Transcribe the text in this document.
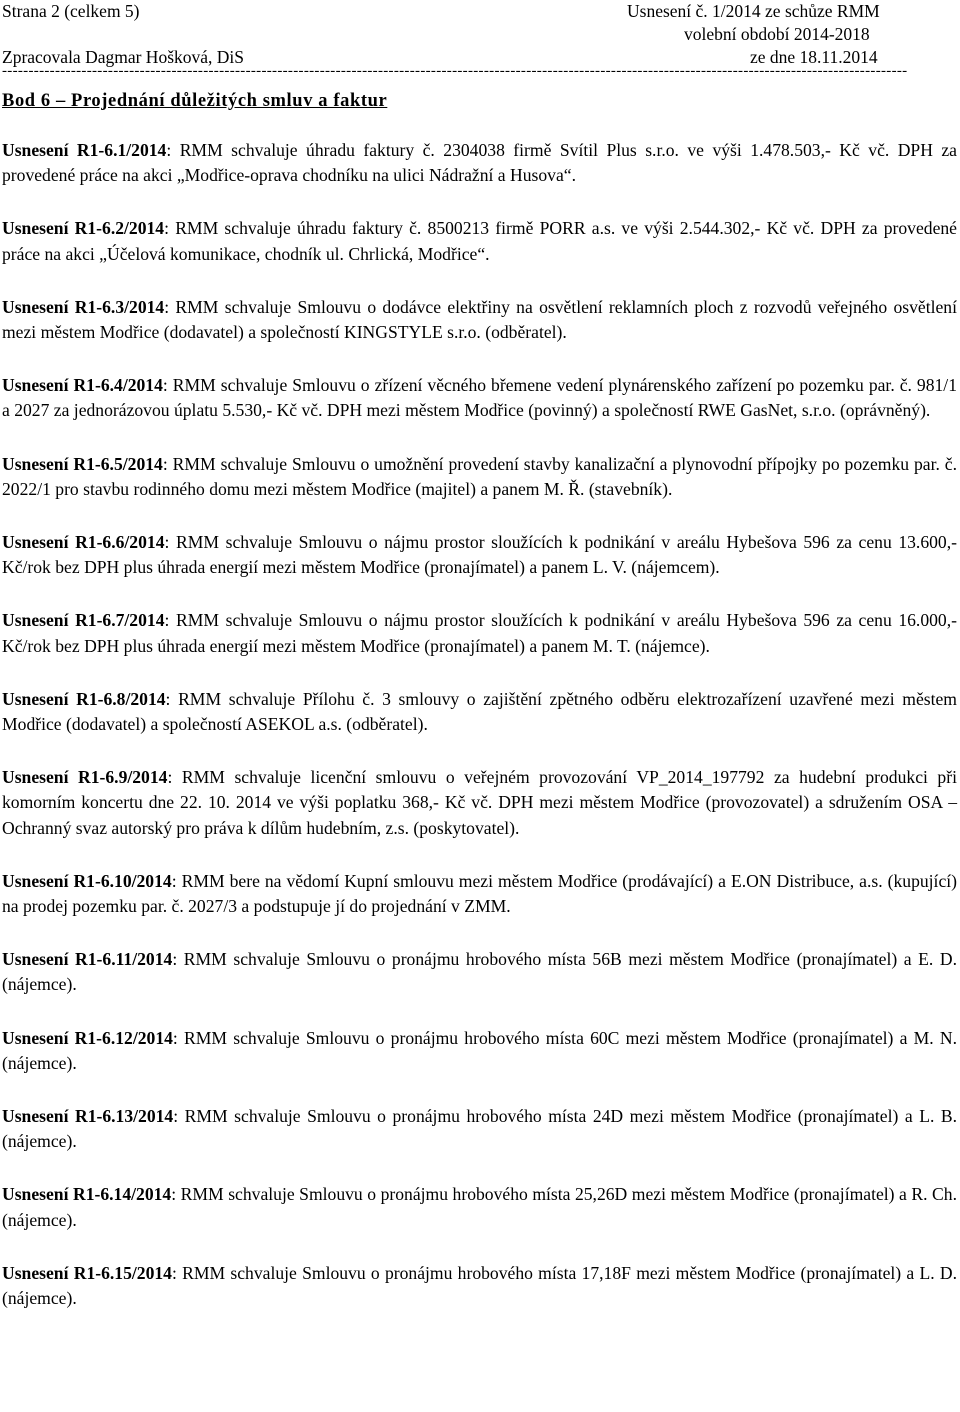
Strana 2 (celkem 5)	Usnesení č. 1/2014 ze schůze RMM
volební období 2014-2018
Zpracovala Dagmar Hošková, DiS	ze dne 18.11.2014
---------------------------------------------------------------------------------------------------------------------------------------------------------------------------
Bod 6 – Projednání důležitých smluv a faktur

Usnesení R1-6.1/2014: RMM schvaluje úhradu faktury č. 2304038 firmě Svítil Plus s.r.o. ve výši 1.478.503,- Kč vč. DPH za provedené práce na akci „Modřice-oprava chodníku na ulici Nádražní a Husova“.

Usnesení R1-6.2/2014: RMM schvaluje úhradu faktury č. 8500213 firmě PORR a.s. ve výši 2.544.302,- Kč vč. DPH za provedené práce na akci „Účelová komunikace, chodník ul. Chrlická, Modřice“.

Usnesení R1-6.3/2014: RMM schvaluje Smlouvu o dodávce elektřiny na osvětlení reklamních ploch z rozvodů veřejného osvětlení mezi městem Modřice (dodavatel) a společností KINGSTYLE s.r.o. (odběratel).

Usnesení R1-6.4/2014: RMM schvaluje Smlouvu o zřízení věcného břemene vedení plynárenského zařízení po pozemku par. č. 981/1 a 2027 za jednorázovou úplatu 5.530,- Kč vč. DPH mezi městem Modřice (povinný) a společností RWE GasNet, s.r.o. (oprávněný).

Usnesení R1-6.5/2014: RMM schvaluje Smlouvu o umožnění provedení stavby kanalizační a plynovodní přípojky po pozemku par. č. 2022/1 pro stavbu rodinného domu mezi městem Modřice (majitel) a panem M. Ř. (stavebník).

Usnesení R1-6.6/2014: RMM schvaluje Smlouvu o nájmu prostor sloužících k podnikání v areálu Hybešova 596 za cenu 13.600,- Kč/rok bez DPH plus úhrada energií mezi městem Modřice (pronajímatel) a panem L. V. (nájemcem).

Usnesení R1-6.7/2014: RMM schvaluje Smlouvu o nájmu prostor sloužících k podnikání v areálu Hybešova 596 za cenu 16.000,- Kč/rok bez DPH plus úhrada energií mezi městem Modřice (pronajímatel) a panem M. T. (nájemce).

Usnesení R1-6.8/2014: RMM schvaluje Přílohu č. 3 smlouvy o zajištění zpětného odběru elektrozařízení uzavřené mezi městem Modřice (dodavatel) a společností ASEKOL a.s. (odběratel).

Usnesení R1-6.9/2014: RMM schvaluje licenční smlouvu o veřejném provozování VP_2014_197792 za hudební produkci při komorním koncertu dne 22. 10. 2014 ve výši poplatku 368,- Kč vč. DPH mezi městem Modřice (provozovatel) a sdružením OSA – Ochranný svaz autorský pro práva k dílům hudebním, z.s. (poskytovatel).

Usnesení R1-6.10/2014: RMM bere na vědomí Kupní smlouvu mezi městem Modřice (prodávající) a E.ON Distribuce, a.s. (kupující) na prodej pozemku par. č. 2027/3 a podstupuje jí do projednání v ZMM.

Usnesení R1-6.11/2014: RMM schvaluje Smlouvu o pronájmu hrobového místa 56B mezi městem Modřice (pronajímatel) a E. D. (nájemce).

Usnesení R1-6.12/2014: RMM schvaluje Smlouvu o pronájmu hrobového místa 60C mezi městem Modřice (pronajímatel) a M. N. (nájemce).

Usnesení R1-6.13/2014: RMM schvaluje Smlouvu o pronájmu hrobového místa 24D mezi městem Modřice (pronajímatel) a L. B. (nájemce).

Usnesení R1-6.14/2014: RMM schvaluje Smlouvu o pronájmu hrobového místa 25,26D mezi městem Modřice (pronajímatel) a R. Ch. (nájemce).

Usnesení R1-6.15/2014: RMM schvaluje Smlouvu o pronájmu hrobového místa 17,18F mezi městem Modřice (pronajímatel) a L. D. (nájemce).
